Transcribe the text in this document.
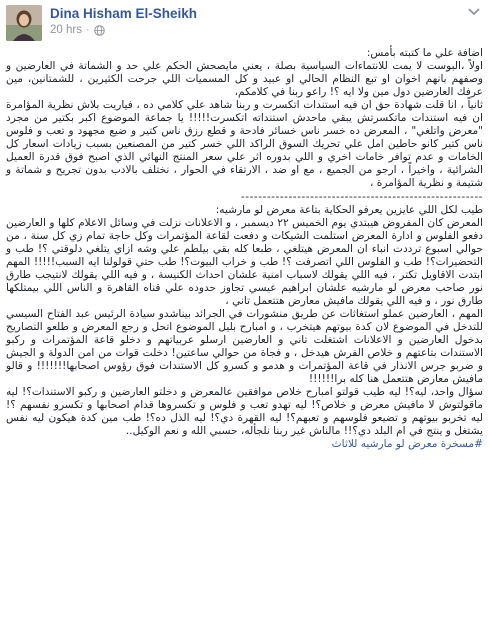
Dina Hisham El-Sheikh
20 hrs ·

اضافة علي ما كتبته بأمس:

اولاً ،البوست لا يمت للانتماءات السياسية بصلة ، يعني مايصحش الحكم علي حد و الشماتة في العارضين و وصفهم بانهم اخوان او تبع النظام الحالي او عبيد و كل المسميات اللي جرحت الكثيرين ، للشمتانين، مين عرفك العارضين دول مين ولا ايه ؟! راعو ربنا في كلامكم،

ثانياً ، انا قلت شهادة حق ان فيه استندات اتكسرت و ربنا شاهد علي كلامي ده ، فياريت بلاش نظرية المؤامرة ان فيه استندات ماتكسرتش يبقي ماحدش استنداته اتكسرت!!!!! يا جماعة الموضوع اكبر بكتير من مجرد "معرض واتلغي" ، المعرض ده خسر ناس خسائر فادحة و قطع رزق ناس كتير و ضيع مجهود و تعب و فلوس ناس كتير كانو حاطين امل علي تحريك السوق الراكد اللي خسر كتير من المصنعين بسبب زيادات اسعار كل الخامات و عدم توافر خامات اخري و اللي بدوره اثر علي سعر المنتج النهائي الذي اصبح فوق قدرة العميل الشرائية ، واخيراً ، ارجو من الجميع ، مع او ضد ، الارتقاء في الحوار ، نختلف بالادب بدون تجريح و شماتة و شتيمة و نظرية المؤامرة ،

--------------------------------------------------------

طيب لكل اللي عايزين يعرفو الحكاية بتاعة معرض لو مارشيه:

المعرض كان المفروض هيبتدي يوم الخميس ٢٢ ديسمبر ، و الاعلانات نزلت في وسائل الاعلام كلها و العارضين دفعو الفلوس و ادارة المعرض استلمت الشيكات و دفعت لقاعة المؤتمرات وكل حاجة تمام زي كل سنة ، من حوالي اسبوع ترددت انباء ان المعرض هيتلغي ، طبعا كله بقي بيلطم علي وشه ازاي يتلغي دلوقتي ؟! طب و التحضيرات؟! طب و الفلوس اللي اتصرفت ؟! طب و خراب البيوت؟! طب حتي قولولنا ايه السبب!!!!! المهم ابتدت الاقاويل تكتر ، فيه اللي يقولك لاسباب امنية علشان احداث الكنيسة ، و فيه اللي يقولك لانتيجب طارق نور صاحب معرض لو مارشيه علشان ابراهيم عيسي تجاوز حدوده علي قناه القاهرة و الناس اللي بيمتلكها طارق نور ، و فيه اللي يقولك مافيش معارض هتتعمل تاني ،

المهم ، العارضين عملو استغاثات عن طريق منشورات في الجرائد بيناشدو سيادة الرئيس عبد الفتاح السيسي للتدخل في الموضوع لان كدة بيوتهم هيتخرب ، و امبارح بليل الموضوع اتحل و رجع المعرض و طلعو التصاريح بدخول العارضين و الاعلانات اشتغلت تاني و العارضين ارسلو عربياتهم و دخلو قاعة المؤتمرات و ركبو الاستندات بتاعتهم و خلاص الفرش هيدخل ، و فجاة من حوالي ساعتين! دخلت قوات من امن الدولة و الجيش و ضربو جرس الانذار في قاعة المؤتمرات و هدمو و كسرو كل الاستندات فوق رؤوس اصحابها!!!!!!! و قالو مافيش معارض هتتعمل هنا كله برا!!!!!!

سؤال واحد، ليه؟! ليه طيب قولتو امبارح خلاص موافقين عالمعرض و دخلتو العارضين و ركبو الاستندات؟! ليه ماقولتوش لا مافيش معرض و خلاص؟! ليه تهدو تعب و فلوس و تكسروها قدام اصحابها و تكسرو نفسهم ؟! ليه تخربو بيوتهم و تضيعو فلوسهم و تعبهم؟! ليه القهرة دي؟! ليه الذل ده؟! طب مين كدة هيكون ليه نفس يشتغل و ينتج في ام البلد دي؟!! مالناش غير ربنا نلجأله، حسبي الله و نعم الوكيل..

#مسخرة معرض لو مارشيه للاثاث
